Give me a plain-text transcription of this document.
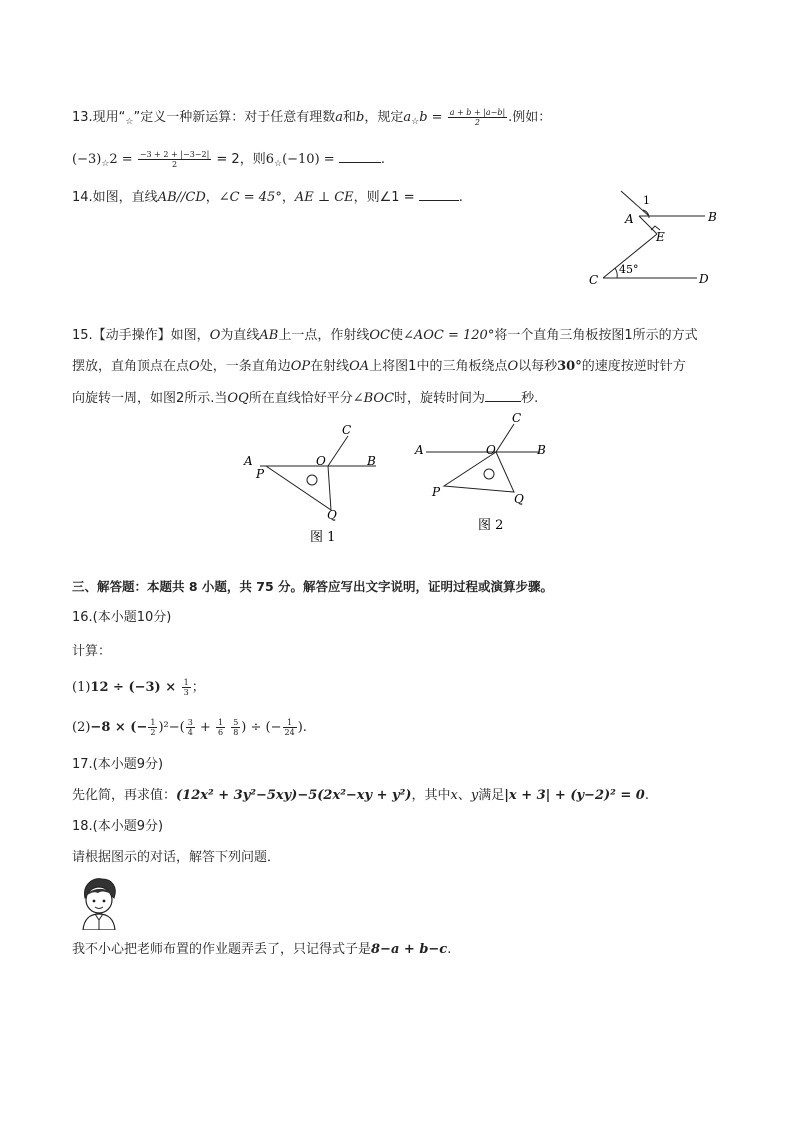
13.现用“$_☆$”定义一种新运算：对于任意有理数a和b，规定$a_☆b = \frac{a + b + |a-b|}{2}$ .例如：
$(-3)_☆2 = \frac{-3 + 2 + |-3-2|}{2} = 2$，则$6_☆(-10)$ =	.
14.如图，直线AB//CD，∠C = 45°，AE ⊥ CE，则∠1 =	.	1
A	B
E
C	D
45°
15.【动手操作】如图，O为直线AB上一点，作射线OC使∠AOC = 120°将一个直角三角板按图1所示的方式
摆放，直角顶点在点O处，一条直角边OP在射线OA上将图1中的三角板绕点O以每秒30°的速度按逆时针方
向旋转一周，如图2所示.当OQ所在直线恰好平分∠BOC时，旋转时间为	秒.
A
P
O	B
C
Q
图 1
A	O	B
C
P	Q
图 2
三、解答题：本题共 8 小题，共 75 分。解答应写出文字说明，证明过程或演算步骤。
16.(本小题10分)
计算：
$(1)12 \div (-3) \times \frac{1}{3}$ ；
(2)−8 × (− $\frac{1}{2} )^2-( \frac{3}{4} + \frac{1}{6}$
$\frac{5}{8}$ ) ÷ (− $\frac{1}{24}$ ).
17.(本小题9分)
先化简，再求值：(12x² + 3y²−5xy)−5(2x²−xy + y²)，其中x、y满足|x + 3| + (y−2)² = 0.
18.(本小题9分)
请根据图示的对话，解答下列问题．
我不小心把老师布置的作业题弄丢了，只记得式子是8−a + b−c.
